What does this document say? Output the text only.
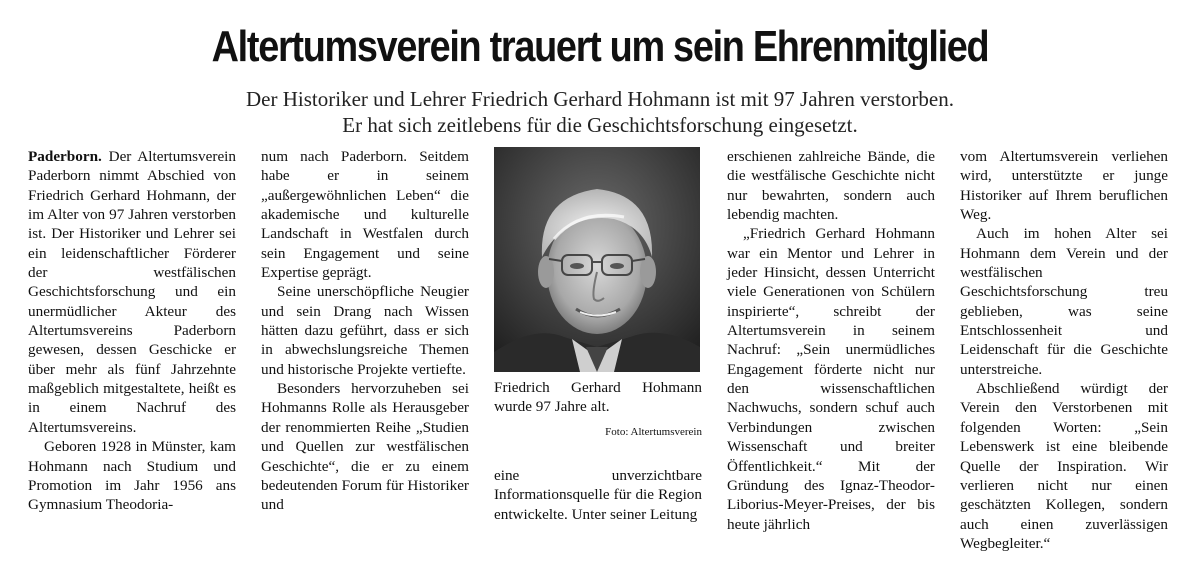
Altertumsverein trauert um sein Ehrenmitglied
Der Historiker und Lehrer Friedrich Gerhard Hohmann ist mit 97 Jahren verstorben.
Er hat sich zeitlebens für die Geschichtsforschung eingesetzt.

Paderborn. Der Altertumsverein Paderborn nimmt Abschied von Friedrich Gerhard Hohmann, der im Alter von 97 Jahren verstorben ist. Der Historiker und Lehrer sei ein leidenschaftlicher Förderer der westfälischen Geschichtsforschung und ein unermüdlicher Akteur des Altertumsvereins Paderborn gewesen, dessen Geschicke er über mehr als fünf Jahrzehnte maßgeblich mitgestaltete, heißt es in einem Nachruf des Altertumsvereins.

Geboren 1928 in Münster, kam Hohmann nach Studium und Promotion im Jahr 1956 ans Gymnasium Theodoria-

num nach Paderborn. Seitdem habe er in seinem „außergewöhnlichen Leben“ die akademische und kulturelle Landschaft in Westfalen durch sein Engagement und seine Expertise geprägt.

Seine unerschöpfliche Neugier und sein Drang nach Wissen hätten dazu geführt, dass er sich in abwechslungsreiche Themen und historische Projekte vertiefte.

Besonders hervorzuheben sei Hohmanns Rolle als Herausgeber der renommierten Reihe „Studien und Quellen zur westfälischen Geschichte“, die er zu einem bedeutenden Forum für Historiker und

Friedrich Gerhard Hohmann wurde 97 Jahre alt.

Foto: Altertumsverein

eine unverzichtbare Informationsquelle für die Region entwickelte. Unter seiner Leitung

erschienen zahlreiche Bände, die die westfälische Geschichte nicht nur bewahrten, sondern auch lebendig machten.

„Friedrich Gerhard Hohmann war ein Mentor und Lehrer in jeder Hinsicht, dessen Unterricht viele Generationen von Schülern inspirierte“, schreibt der Altertumsverein in seinem Nachruf: „Sein unermüdliches Engagement förderte nicht nur den wissenschaftlichen Nachwuchs, sondern schuf auch Verbindungen zwischen Wissenschaft und breiter Öffentlichkeit.“ Mit der Gründung des Ignaz-Theodor-Liborius-Meyer-Preises, der bis heute jährlich

vom Altertumsverein verliehen wird, unterstützte er junge Historiker auf Ihrem beruflichen Weg.

Auch im hohen Alter sei Hohmann dem Verein und der westfälischen Geschichtsforschung treu geblieben, was seine Entschlossenheit und Leidenschaft für die Geschichte unterstreiche.

Abschließend würdigt der Verein den Verstorbenen mit folgenden Worten: „Sein Lebenswerk ist eine bleibende Quelle der Inspiration. Wir verlieren nicht nur einen geschätzten Kollegen, sondern auch einen zuverlässigen Wegbegleiter.“
